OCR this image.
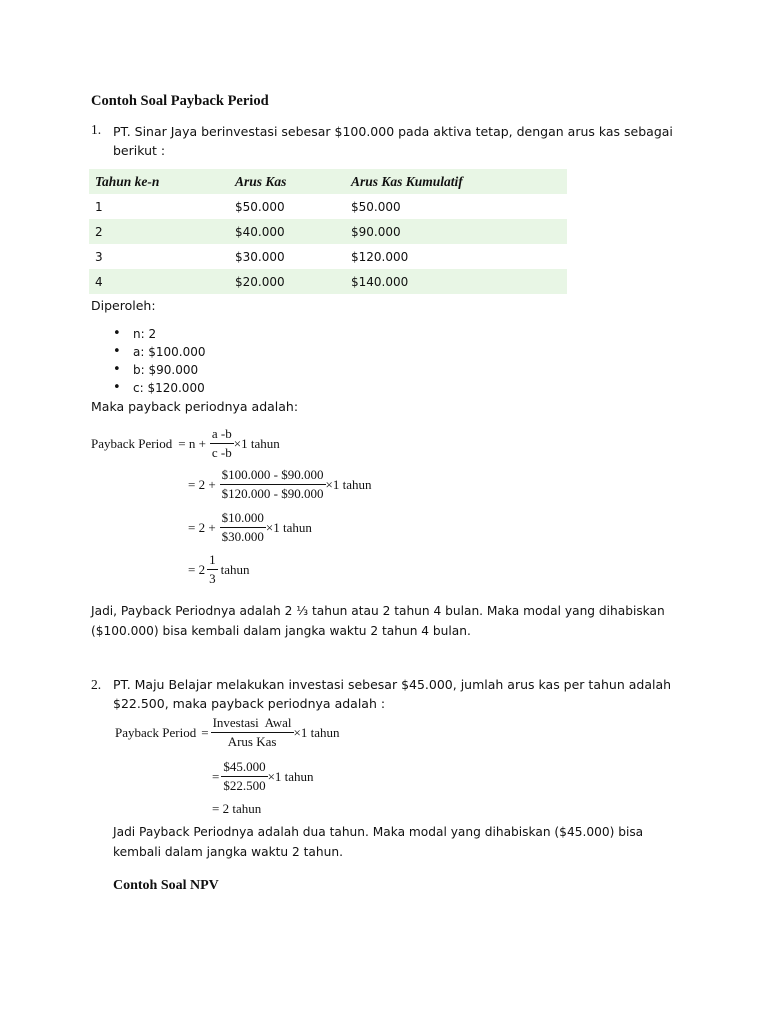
Contoh Soal Payback Period
1. PT. Sinar Jaya berinvestasi sebesar $100.000 pada aktiva tetap, dengan arus kas sebagai
berikut :
Tahun ke-n	Arus Kas	Arus Kas Kumulatif
1	$50.000	$50.000
2	$40.000	$90.000
3	$30.000	$120.000
4	$20.000	$140.000
Diperoleh:
• n: 2
• a: $100.000
• b: $90.000
• c: $120.000
Maka payback periodnya adalah:
Payback Period = $n + \frac{a -b}{c -b} \times 1$ tahun
= $2 + \frac{\$100.000 - \$90.000}{\$120.000 - \$90.000} \times 1$ tahun
= $2 + \frac{\$10.000}{\$30.000} \times 1$ tahun
= $2 \frac{1}{3}$ tahun
Jadi, Payback Periodnya adalah 2 ⅓ tahun atau 2 tahun 4 bulan. Maka modal yang dihabiskan
($100.000) bisa kembali dalam jangka waktu 2 tahun 4 bulan.
2. PT. Maju Belajar melakukan investasi sebesar $45.000, jumlah arus kas per tahun adalah
$22.500, maka payback periodnya adalah :
Payback Period = $\frac{\text{Investasi  Awal}}{\text{Arus Kas}} \times 1$ tahun
= $\frac{\$45.000}{\$22.500} \times 1$ tahun
= 2 tahun
Jadi Payback Periodnya adalah dua tahun. Maka modal yang dihabiskan ($45.000) bisa
kembali dalam jangka waktu 2 tahun.
Contoh Soal NPV
